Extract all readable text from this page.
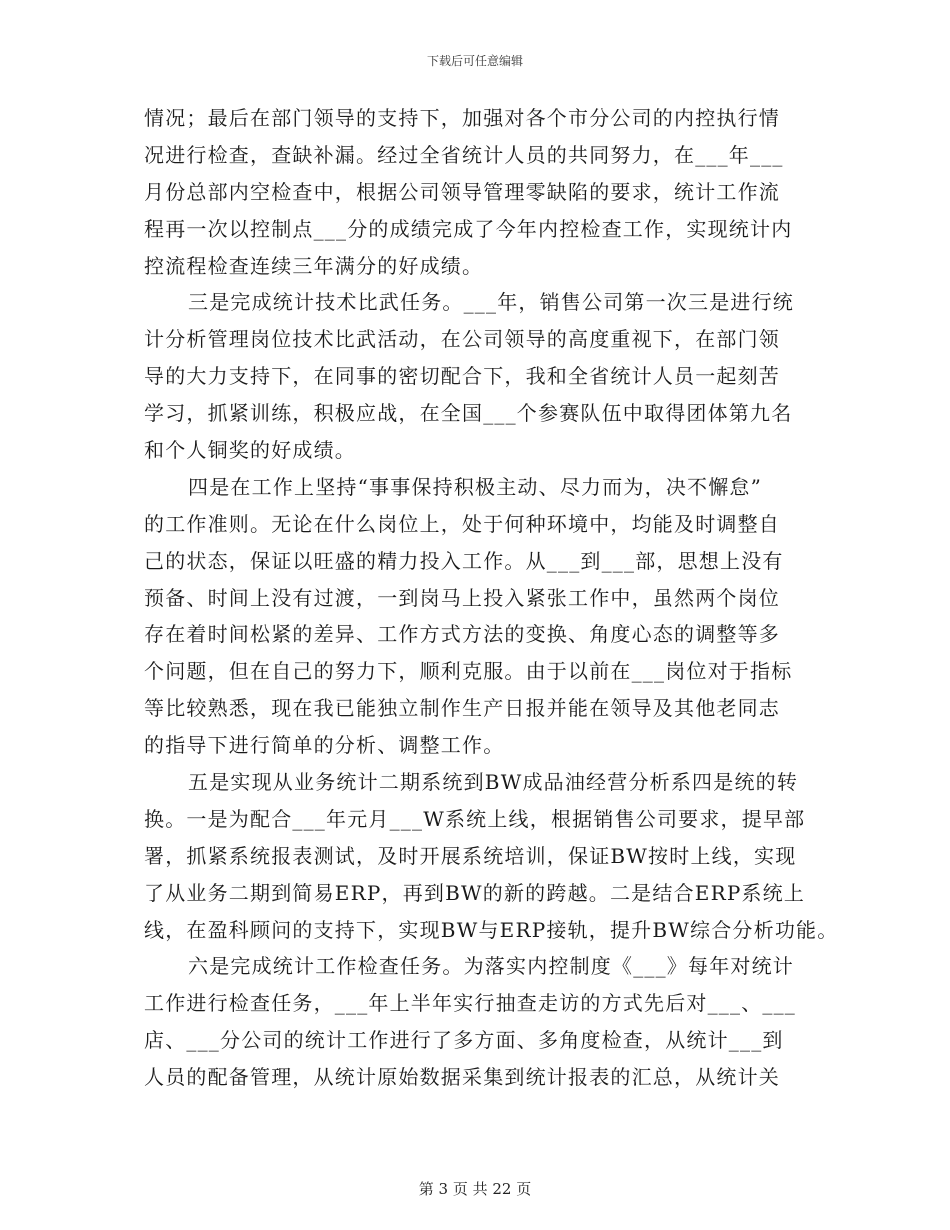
下载后可任意编辑
情况；最后在部门领导的支持下，加强对各个市分公司的内控执行情
况进行检查，查缺补漏。经过全省统计人员的共同努力，在___年___
月份总部内空检查中，根据公司领导管理零缺陷的要求，统计工作流
程再一次以控制点___分的成绩完成了今年内控检查工作，实现统计内
控流程检查连续三年满分的好成绩。
三是完成统计技术比武任务。___年，销售公司第一次三是进行统
计分析管理岗位技术比武活动，在公司领导的高度重视下，在部门领
导的大力支持下，在同事的密切配合下，我和全省统计人员一起刻苦
学习，抓紧训练，积极应战，在全国___个参赛队伍中取得团体第九名
和个人铜奖的好成绩。
四是在工作上坚持“事事保持积极主动、尽力而为，决不懈怠”
的工作准则。无论在什么岗位上，处于何种环境中，均能及时调整自
己的状态，保证以旺盛的精力投入工作。从___到___部，思想上没有
预备、时间上没有过渡，一到岗马上投入紧张工作中，虽然两个岗位
存在着时间松紧的差异、工作方式方法的变换、角度心态的调整等多
个问题，但在自己的努力下，顺利克服。由于以前在___岗位对于指标
等比较熟悉，现在我已能独立制作生产日报并能在领导及其他老同志
的指导下进行简单的分析、调整工作。
五是实现从业务统计二期系统到BW成品油经营分析系四是统的转
换。一是为配合___年元月___W系统上线，根据销售公司要求，提早部
署，抓紧系统报表测试，及时开展系统培训，保证BW按时上线，实现
了从业务二期到简易ERP，再到BW的新的跨越。二是结合ERP系统上
线，在盈科顾问的支持下，实现BW与ERP接轨，提升BW综合分析功能。
六是完成统计工作检查任务。为落实内控制度《___》每年对统计
工作进行检查任务，___年上半年实行抽查走访的方式先后对___、___
店、___分公司的统计工作进行了多方面、多角度检查，从统计___到
人员的配备管理，从统计原始数据采集到统计报表的汇总，从统计关
第 3 页 共 22 页
